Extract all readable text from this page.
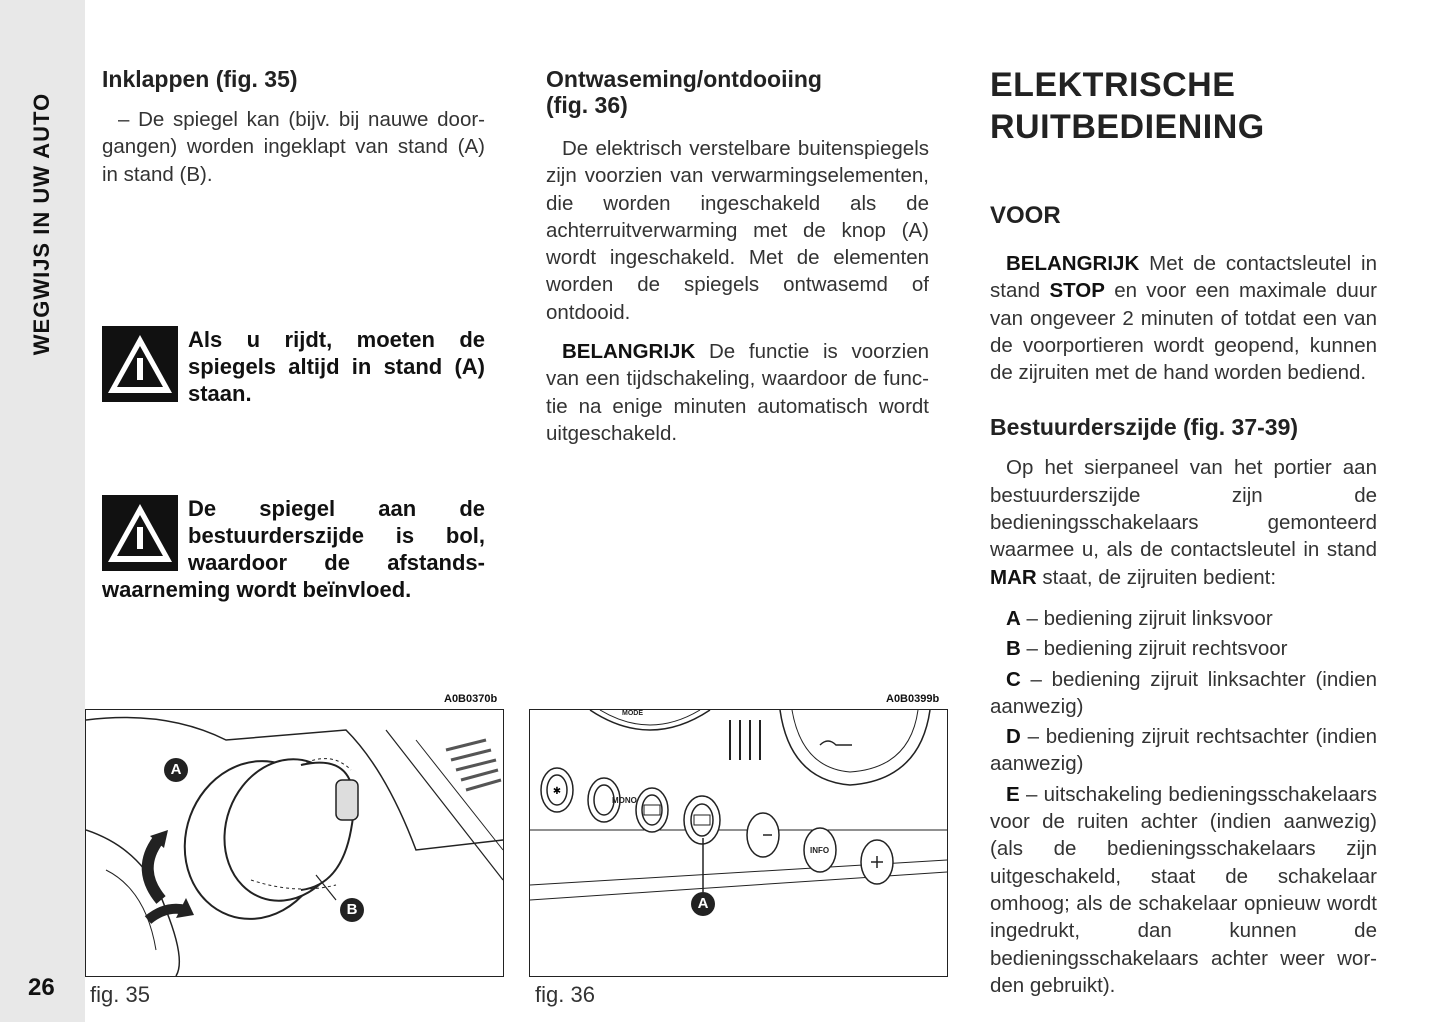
WEGWIJS IN UW AUTO
26
Inklappen (fig. 35)

– De spiegel kan (bijv. bij nauwe doorgangen) worden ingeklapt van stand (A) in stand (B).

Als u rijdt, moeten de spiegels altijd in stand (A) staan.
De spiegel aan de bestuurderszijde is bol, waardoor de afstandswaarneming wordt beïnvloed.
A0B0370b
A
B
fig. 35
Ontwaseming/ontdooiing
(fig. 36)

De elektrisch verstelbare buitenspiegels zijn voorzien van verwarmingselementen, die worden ingeschakeld als de achterruitverwarming met de knop (A) wordt ingeschakeld. Met de elementen worden de spiegels ontwasemd of ontdooid.

BELANGRIJK De functie is voorzien van een tijdschakeling, waardoor de functie na enige minuten automatisch wordt uitgeschakeld.

A0B0399b
✱
MONO
INFO
MODE
A
fig. 36
ELEKTRISCHE
RUITBEDIENING
VOOR

BELANGRIJK Met de contactsleutel in stand STOP en voor een maximale duur van ongeveer 2 minuten of totdat een van de voorportieren wordt geopend, kunnen de zijruiten met de hand worden bediend.

Bestuurderszijde (fig. 37-39)

Op het sierpaneel van het portier aan bestuurderszijde zijn de bedieningsschakelaars gemonteerd waarmee u, als de contactsleutel in stand MAR staat, de zijruiten bedient:

A – bediening zijruit linksvoor

B – bediening zijruit rechtsvoor

C – bediening zijruit linksachter (indien aanwezig)

D – bediening zijruit rechtsachter (indien aanwezig)

E – uitschakeling bedieningsschakelaars voor de ruiten achter (indien aanwezig) (als de bedieningsschakelaars zijn uitgeschakeld, staat de schakelaar omhoog; als de schakelaar opnieuw wordt ingedrukt, dan kunnen de bedieningsschakelaars achter weer worden gebruikt).
